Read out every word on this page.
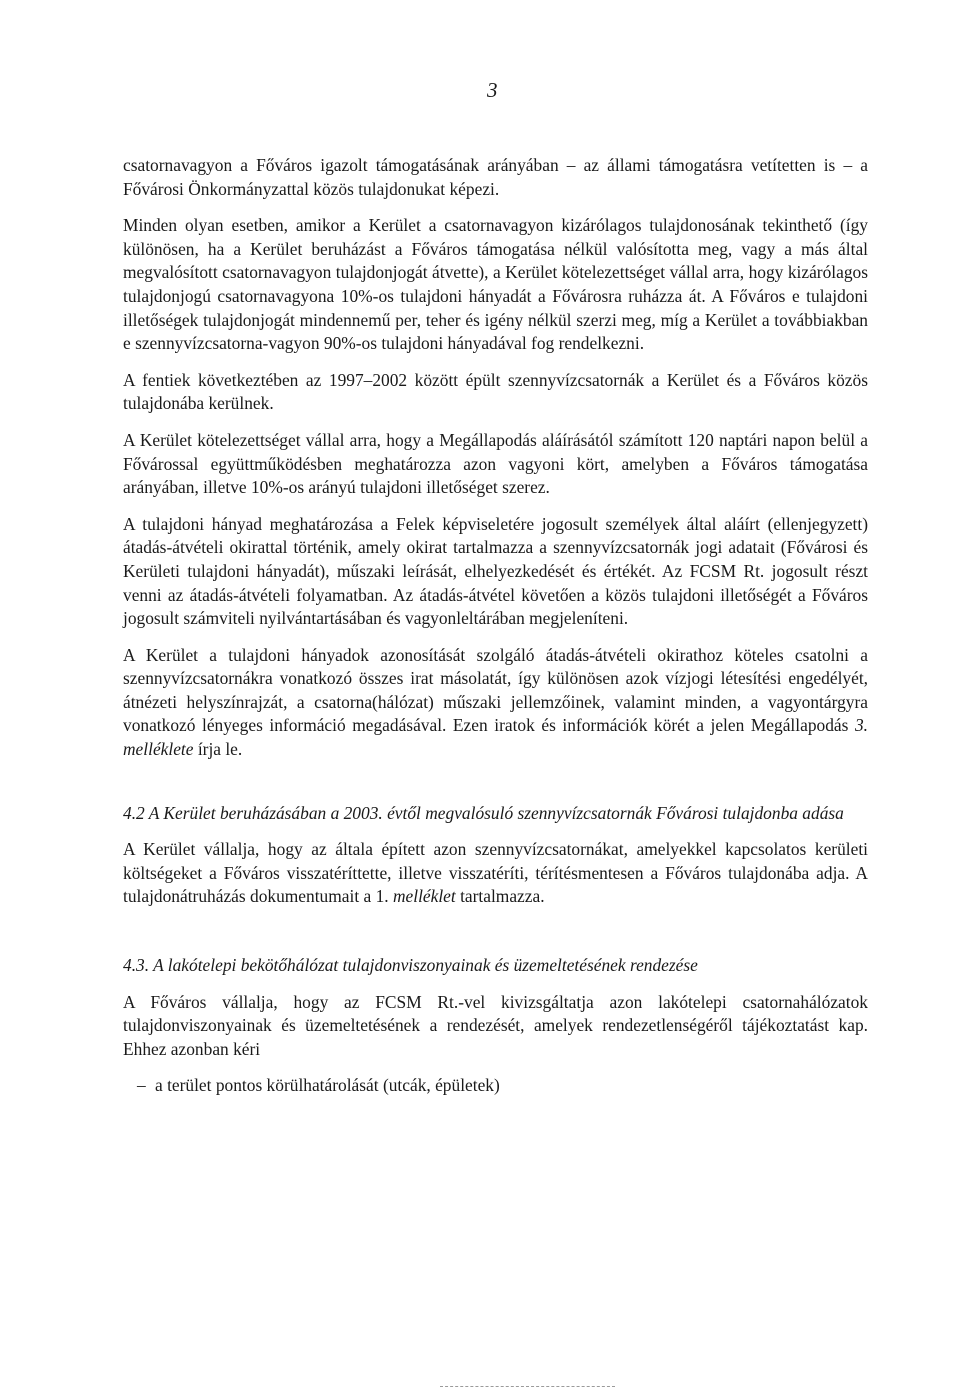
3

csatornavagyon a Főváros igazolt támogatásának arányában – az állami támogatásra vetítetten is – a Fővárosi Önkormányzattal közös tulajdonukat képezi.

Minden olyan esetben, amikor a Kerület a csatornavagyon kizárólagos tulajdonosának tekinthető (így különösen, ha a Kerület beruházást a Főváros támogatása nélkül valósította meg, vagy a más által megvalósított csatornavagyon tulajdonjogát átvette), a Kerület kötelezettséget vállal arra, hogy kizárólagos tulajdonjogú csatornavagyona 10%-os tulajdoni hányadát a Fővárosra ruházza át. A Főváros e tulajdoni illetőségek tulajdonjogát mindennemű per, teher és igény nélkül szerzi meg, míg a Kerület a továbbiakban e szennyvízcsatorna-vagyon 90%-os tulajdoni hányadával fog rendelkezni.

A fentiek következtében az 1997–2002 között épült szennyvízcsatornák a Kerület és a Főváros közös tulajdonába kerülnek.

A Kerület kötelezettséget vállal arra, hogy a Megállapodás aláírásától számított 120 naptári napon belül a Fővárossal együttműködésben meghatározza azon vagyoni kört, amelyben a Főváros támogatása arányában, illetve 10%-os arányú tulajdoni illetőséget szerez.

A tulajdoni hányad meghatározása a Felek képviseletére jogosult személyek által aláírt (ellenjegyzett) átadás-átvételi okirattal történik, amely okirat tartalmazza a szennyvízcsatornák jogi adatait (Fővárosi és Kerületi tulajdoni hányadát), műszaki leírását, elhelyezkedését és értékét. Az FCSM Rt. jogosult részt venni az átadás-átvételi folyamatban. Az átadás-átvétel követően a közös tulajdoni illetőségét a Főváros jogosult számviteli nyilvántartásában és vagyonleltárában megjeleníteni.

A Kerület a tulajdoni hányadok azonosítását szolgáló átadás-átvételi okirathoz köteles csatolni a szennyvízcsatornákra vonatkozó összes irat másolatát, így különösen azok vízjogi létesítési engedélyét, átnézeti helyszínrajzát, a csatorna(hálózat) műszaki jellemzőinek, valamint minden, a vagyontárgyra vonatkozó lényeges információ megadásával. Ezen iratok és információk körét a jelen Megállapodás 3. melléklete írja le.

4.2 A Kerület beruházásában a 2003. évtől megvalósuló szennyvízcsatornák Fővárosi tulajdonba adása

A Kerület vállalja, hogy az általa épített azon szennyvízcsatornákat, amelyekkel kapcsolatos kerületi költségeket a Főváros visszatéríttette, illetve visszatéríti, térítésmentesen a Főváros tulajdonába adja. A tulajdonátruházás dokumentumait a 1. melléklet tartalmazza.

4.3. A lakótelepi bekötőhálózat tulajdonviszonyainak és üzemeltetésének rendezése

A Főváros vállalja, hogy az FCSM Rt.-vel kivizsgáltatja azon lakótelepi csatornahálózatok tulajdonviszonyainak és üzemeltetésének a rendezését, amelyek rendezetlenségéről tájékoztatást kap. Ehhez azonban kéri

– a terület pontos körülhatárolását (utcák, épületek)
